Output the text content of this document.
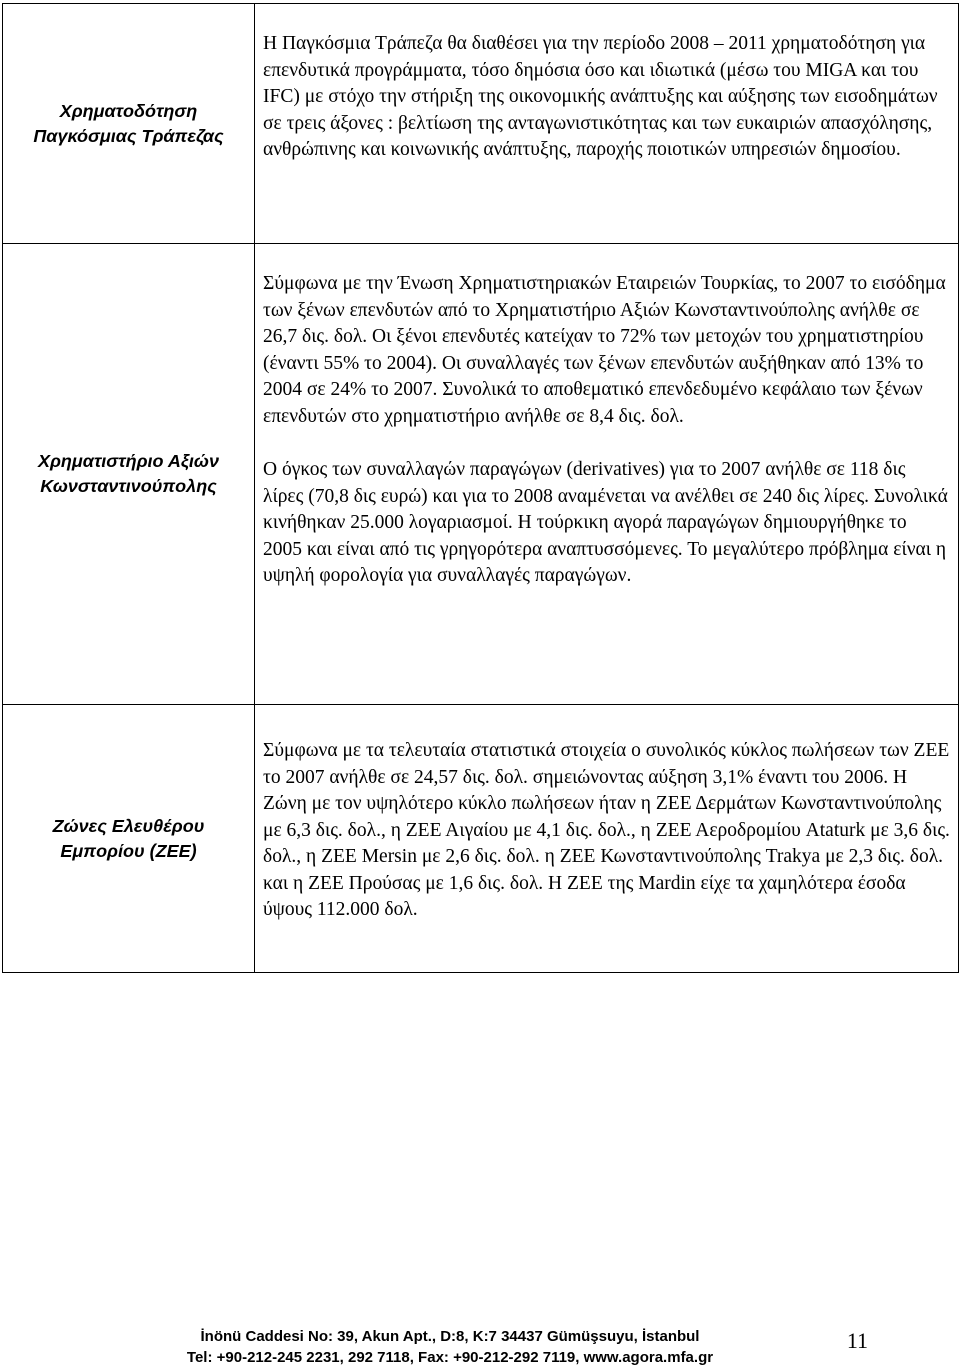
Χρηματοδότηση Παγκόσμιας Τράπεζας	Η Παγκόσμια Τράπεζα θα διαθέσει για την περίοδο 2008 – 2011 χρηματοδότηση για επενδυτικά προγράμματα, τόσο δημόσια όσο και ιδιωτικά (μέσω του MIGA και του IFC) με στόχο την στήριξη της οικονομικής ανάπτυξης και αύξησης των εισοδημάτων σε τρεις άξονες : βελτίωση της ανταγωνιστικότητας και των ευκαιριών απασχόλησης, ανθρώπινης και κοινωνικής ανάπτυξης, παροχής ποιοτικών υπηρεσιών δημοσίου.

Χρηματιστήριο Αξιών Κωνσταντινούπολης	Σύμφωνα με την Ένωση Χρηματιστηριακών Εταιρειών Τουρκίας, το 2007 το εισόδημα των ξένων επενδυτών από το Χρηματιστήριο Αξιών Κωνσταντινούπολης ανήλθε σε 26,7 δις. δολ. Οι ξένοι επενδυτές κατείχαν το 72% των μετοχών του χρηματιστηρίου (έναντι 55% το 2004). Οι συναλλαγές των ξένων επενδυτών αυξήθηκαν από 13% το 2004 σε 24% το 2007. Συνολικά το αποθεματικό επενδεδυμένο κεφάλαιο των ξένων επενδυτών στο χρηματιστήριο ανήλθε σε 8,4 δις. δολ.

Ο όγκος των συναλλαγών παραγώγων (derivatives) για το 2007 ανήλθε σε 118 δις λίρες (70,8 δις ευρώ) και για το 2008 αναμένεται να ανέλθει σε 240 δις λίρες. Συνολικά κινήθηκαν 25.000 λογαριασμοί. Η τούρκικη αγορά παραγώγων δημιουργήθηκε το 2005 και είναι από τις γρηγορότερα αναπτυσσόμενες. Το μεγαλύτερο πρόβλημα είναι η υψηλή φορολογία για συναλλαγές παραγώγων.

Ζώνες Ελευθέρου Εμπορίου (ΖΕΕ)	Σύμφωνα με τα τελευταία στατιστικά στοιχεία ο συνολικός κύκλος πωλήσεων των ΖΕΕ το 2007 ανήλθε σε 24,57 δις. δολ. σημειώνοντας αύξηση 3,1% έναντι του 2006. Η Ζώνη με τον υψηλότερο κύκλο πωλήσεων ήταν η ΖΕΕ Δερμάτων Κωνσταντινούπολης με 6,3 δις. δολ., η ΖΕΕ Αιγαίου με 4,1 δις. δολ., η ΖΕΕ Αεροδρομίου Ataturk με 3,6 δις. δολ., η ΖΕΕ Mersin με 2,6 δις. δολ. η ΖΕΕ Κωνσταντινούπολης Trakya με 2,3 δις. δολ. και η ΖΕΕ Προύσας με 1,6 δις. δολ. Η ΖΕΕ της Mardin είχε τα χαμηλότερα έσοδα ύψους 112.000 δολ.

İnönü Caddesi No: 39, Akun Apt., D:8, K:7 34437 Gümüşsuyu, İstanbul
Tel: +90-212-245 2231, 292 7118, Fax: +90-212-292 7119, www.agora.mfa.gr
11
